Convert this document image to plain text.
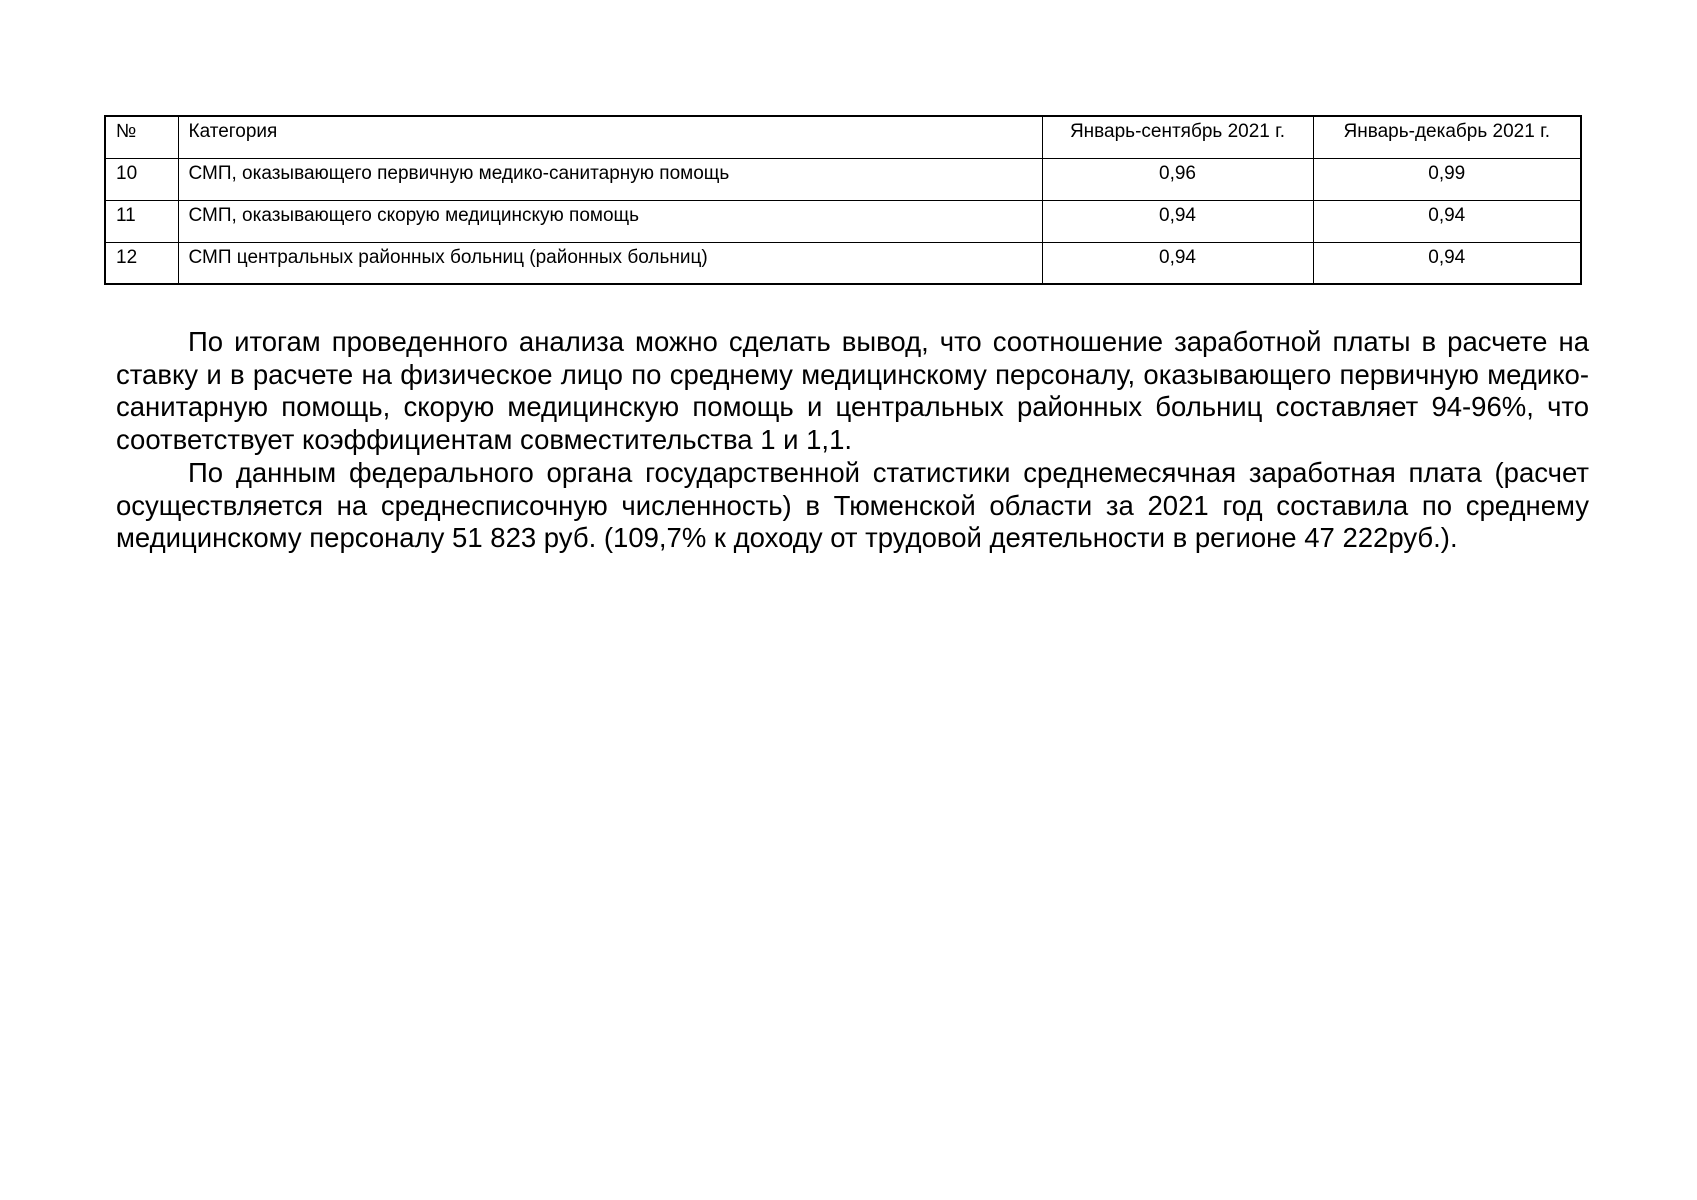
№	Категория	Январь-сентябрь 2021 г.	Январь-декабрь 2021 г.
10	СМП, оказывающего первичную медико-санитарную помощь	0,96	0,99
11	СМП, оказывающего скорую медицинскую помощь	0,94	0,94
12	СМП центральных районных больниц (районных больниц)	0,94	0,94

По итогам проведенного анализа можно сделать вывод, что соотношение заработной платы в расчете на ставку и в расчете на физическое лицо по среднему медицинскому персоналу, оказывающего первичную медико-санитарную помощь, скорую медицинскую помощь и центральных районных больниц составляет 94-96%, что соответствует коэффициентам совместительства 1 и 1,1.

По данным федерального органа государственной статистики среднемесячная заработная плата (расчет осуществляется на среднесписочную численность) в Тюменской области за 2021 год составила по среднему медицинскому персоналу 51 823 руб. (109,7% к доходу от трудовой деятельности в регионе 47 222руб.).
